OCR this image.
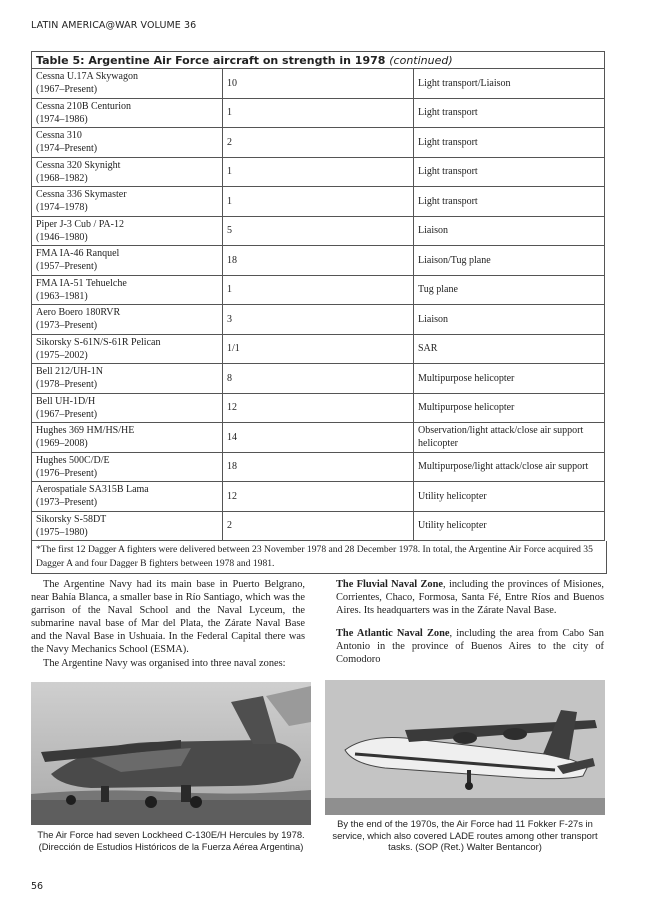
LATIN AMERICA@WAR VOLUME 36
Table 5: Argentine Air Force aircraft on strength in 1978 (continued)		

Cessna U.17A Skywagon
(1967–Present)	10	Light transport/Liaison

Cessna 210B Centurion
(1974–1986)	1	Light transport

Cessna 310
(1974–Present)	2	Light transport

Cessna 320 Skynight
(1968–1982)	1	Light transport

Cessna 336 Skymaster
(1974–1978)	1	Light transport

Piper J-3 Cub / PA-12
(1946–1980)	5	Liaison

FMA IA-46 Ranquel
(1957–Present)	18	Liaison/Tug plane

FMA IA-51 Tehuelche
(1963–1981)	1	Tug plane

Aero Boero 180RVR
(1973–Present)	3	Liaison

Sikorsky S-61N/S-61R Pelican
(1975–2002)	1/1	SAR

Bell 212/UH-1N
(1978–Present)	8	Multipurpose helicopter

Bell UH-1D/H
(1967–Present)	12	Multipurpose helicopter

Hughes 369 HM/HS/HE
(1969–2008)	14	Observation/light attack/close air support helicopter

Hughes 500C/D/E
(1976–Present)	18	Multipurpose/light attack/close air support

Aerospatiale SA315B Lama
(1973–Present)	12	Utility helicopter

Sikorsky S-58DT
(1975–1980)	2	Utility helicopter
*The first 12 Dagger A fighters were delivered between 23 November 1978 and 28 December 1978. In total, the Argentine Air Force acquired 35 Dagger A and four Dagger B fighters between 1978 and 1981.

The Argentine Navy had its main base in Puerto Belgrano, near Bahía Blanca, a smaller base in Río Santiago, which was the garrison of the Naval School and the Naval Lyceum, the submarine naval base of Mar del Plata, the Zárate Naval Base and the Naval Base in Ushuaia. In the Federal Capital there was the Navy Mechanics School (ESMA).

The Argentine Navy was organised into three naval zones:

The Fluvial Naval Zone, including the provinces of Misiones, Corrientes, Chaco, Formosa, Santa Fé, Entre Ríos and Buenos Aires. Its headquarters was in the Zárate Naval Base.

The Atlantic Naval Zone, including the area from Cabo San Antonio in the province of Buenos Aires to the city of Comodoro

The Air Force had seven Lockheed C-130E/H Hercules by 1978. (Dirección de Estudios Históricos de la Fuerza Aérea Argentina)
By the end of the 1970s, the Air Force had 11 Fokker F-27s in service, which also covered LADE routes among other transport tasks. (SOP (Ret.) Walter Bentancor)
56
